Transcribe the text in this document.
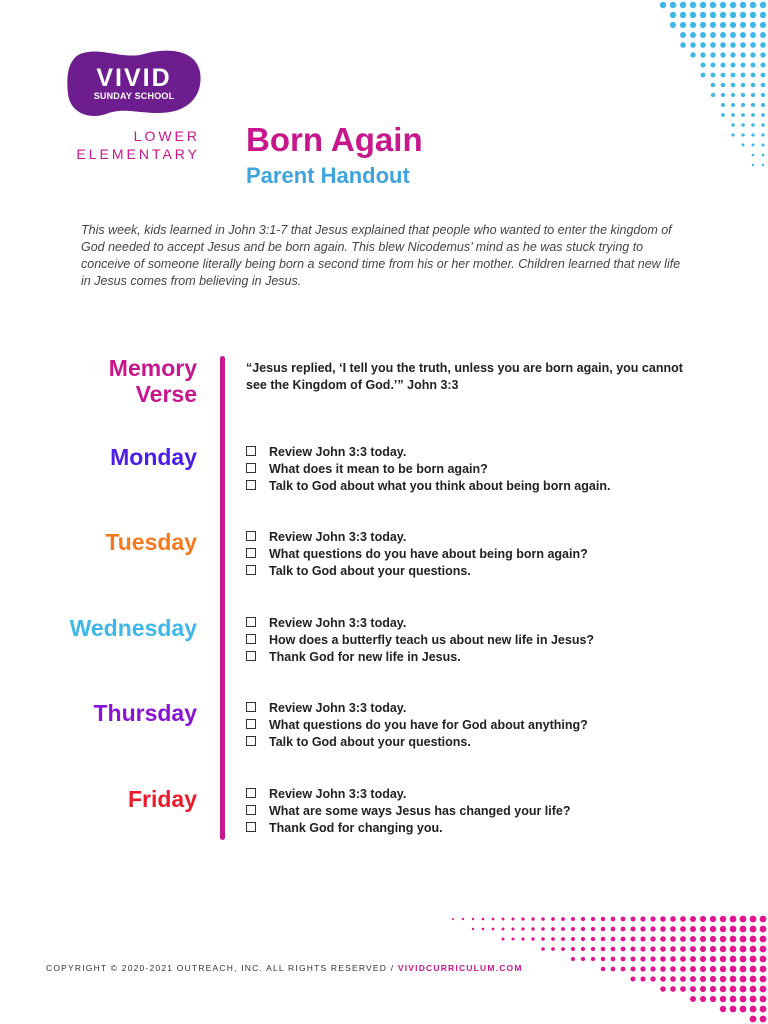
VIVID
SUNDAY SCHOOL
LOWER
ELEMENTARY Born Again
Parent Handout

This week, kids learned in John 3:1-7 that Jesus explained that people who wanted to enter the kingdom of God needed to accept Jesus and be born again. This blew Nicodemus’ mind as he was stuck trying to conceive of someone literally being born a second time from his or her mother. Children learned that new life in Jesus comes from believing in Jesus.

Memory
Verse

“Jesus replied, ‘I tell you the truth, unless you are born again, you cannot see the Kingdom of God.’” John 3:3

Monday	Review John 3:3 today.
What does it mean to be born again?
Talk to God about what you think about being born again.
Tuesday	Review John 3:3 today.
What questions do you have about being born again?
Talk to God about your questions.
Wednesday	Review John 3:3 today.
How does a butterfly teach us about new life in Jesus?
Thank God for new life in Jesus.
Thursday	Review John 3:3 today.
What questions do you have for God about anything?
Talk to God about your questions.
Friday	Review John 3:3 today.
What are some ways Jesus has changed your life?
Thank God for changing you.
COPYRIGHT © 2020-2021 OUTREACH, INC. ALL RIGHTS RESERVED / VIVIDCURRICULUM.COM
